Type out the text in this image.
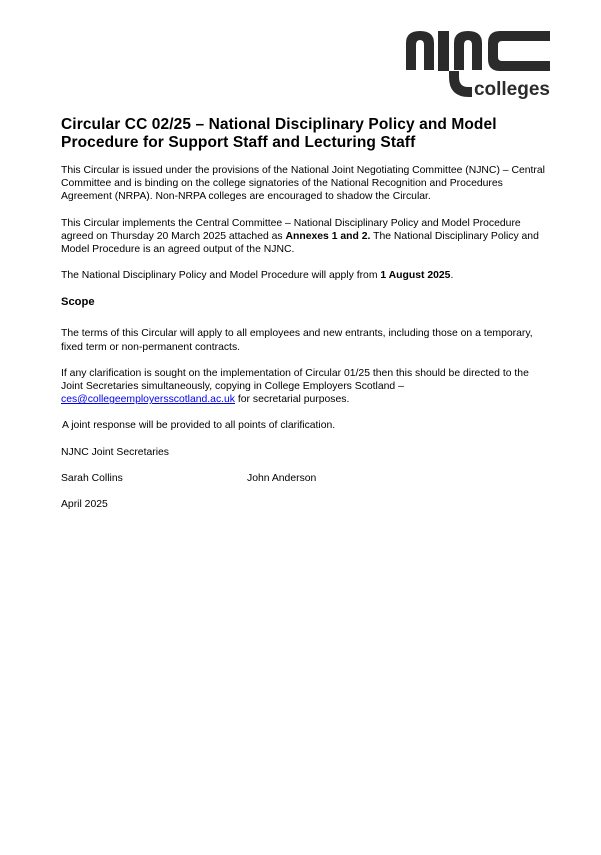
colleges
Circular CC 02/25 – National Disciplinary Policy and Model Procedure for Support Staff and Lecturing Staff

This Circular is issued under the provisions of the National Joint Negotiating Committee (NJNC) – Central Committee and is binding on the college signatories of the National Recognition and Procedures Agreement (NRPA). Non-NRPA colleges are encouraged to shadow the Circular.

This Circular implements the Central Committee – National Disciplinary Policy and Model Procedure agreed on Thursday 20 March 2025 attached as Annexes 1 and 2. The National Disciplinary Policy and Model Procedure is an agreed output of the NJNC.

The National Disciplinary Policy and Model Procedure will apply from 1 August 2025.

Scope

The terms of this Circular will apply to all employees and new entrants, including those on a temporary, fixed term or non-permanent contracts.

If any clarification is sought on the implementation of Circular 01/25 then this should be directed to the Joint Secretaries simultaneously, copying in College Employers Scotland – ces@collegeemployersscotland.ac.uk for secretarial purposes.

A joint response will be provided to all points of clarification.

NJNC Joint Secretaries

Sarah Collins	John Anderson

April 2025
